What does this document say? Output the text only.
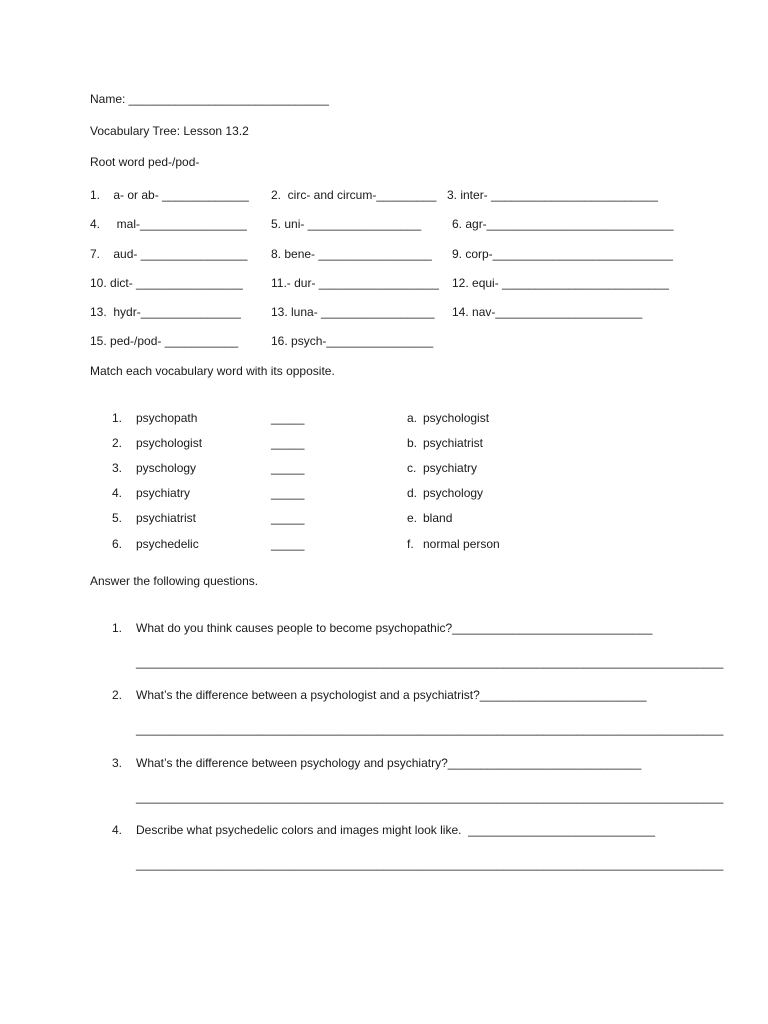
Name: ______________________________
Vocabulary Tree: Lesson 13.2
Root word ped-/pod-
1.    a- or ab- _____________ 2.  circ- and circum-_________ 3. inter- _________________________
4.     mal-________________ 5. uni- _________________	6. agr-____________________________
7.    aud- ________________ 8. bene- _________________ 9. corp-___________________________
10. dict- ________________ 11.- dur- __________________ 12. equi- _________________________
13.  hydr-_______________	13. luna- _________________ 14. nav-______________________
15. ped-/pod- ___________	16. psych-________________
Match each vocabulary word with its opposite.
1. psychopath	_____	a. psychologist
2. psychologist	_____	b. psychiatrist
3. pyschology	_____	c. psychiatry
4. psychiatry	_____	d. psychology
5. psychiatrist	_____	e. bland
6. psychedelic	_____	f. normal person
Answer the following questions.
1. What do you think causes people to become psychopathic?______________________________
________________________________________________________________________________________
2. What’s the difference between a psychologist and a psychiatrist?_________________________
________________________________________________________________________________________
3. What’s the difference between psychology and psychiatry?_____________________________
________________________________________________________________________________________
4. Describe what psychedelic colors and images might look like.  ____________________________
________________________________________________________________________________________
